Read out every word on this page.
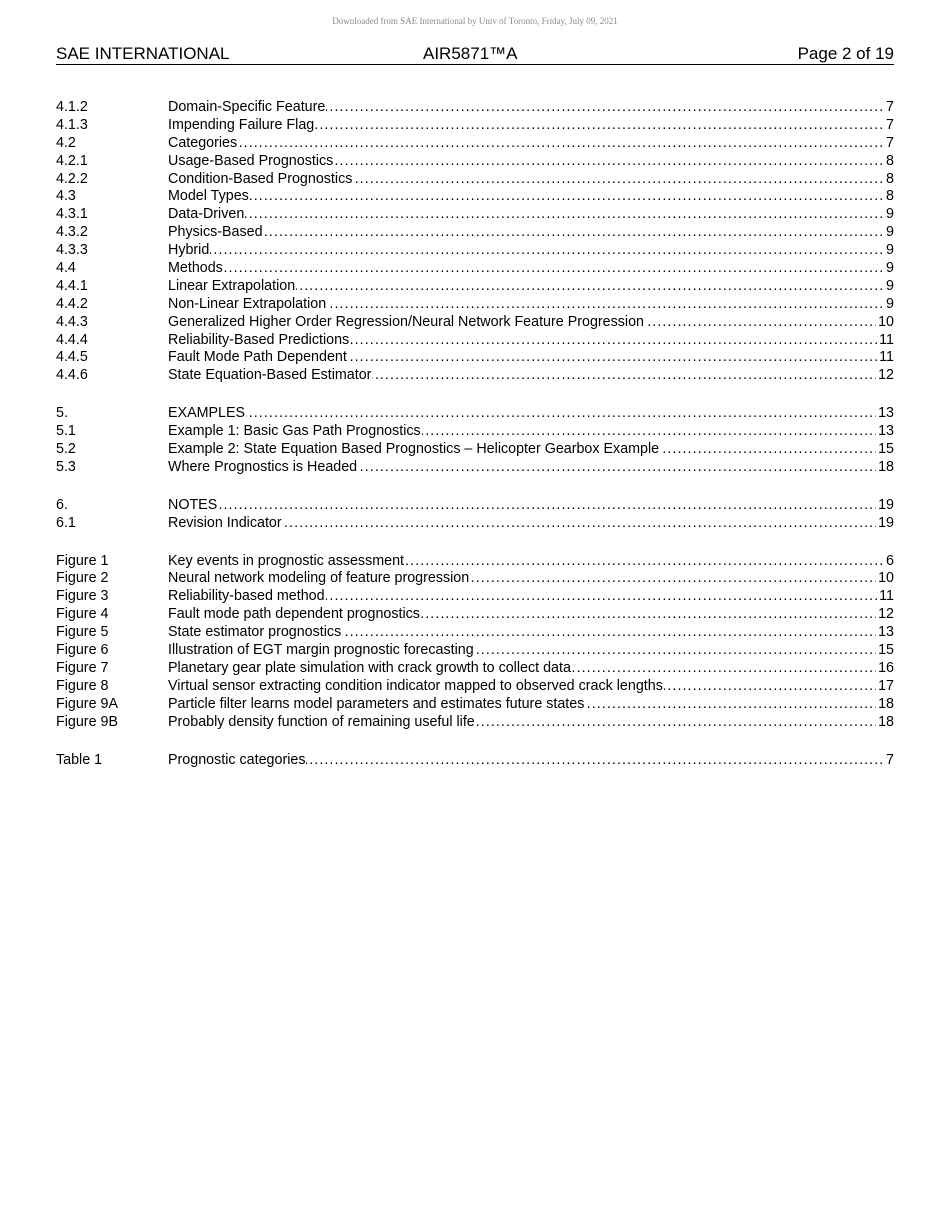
Downloaded from SAE International by Univ of Toronto, Friday, July 09, 2021
SAE INTERNATIONAL	AIR5871™A	Page 2 of 19
4.1.2	Domain-Specific Feature	7
. . .
4.1.3	Impending Failure Flag	7
. . .
4.2	Categories	7
. . .
4.2.1	Usage-Based Prognostics	8
. . .
4.2.2	Condition-Based Prognostics	8
. . .
4.3	Model Types	8
. . .
4.3.1	Data-Driven	9
. . .
4.3.2	Physics-Based	9
. . .
4.3.3	Hybrid	9
. . .
4.4	Methods	9
. . .
4.4.1	Linear Extrapolation	9
. . .
4.4.2	Non-Linear Extrapolation	9
. . .
4.4.3	Generalized Higher Order Regression/Neural Network Feature Progression	10
. . .
4.4.4	Reliability-Based Predictions	11
. . .
4.4.5	Fault Mode Path Dependent	11
. . .
4.4.6	State Equation-Based Estimator	12
. . .
5.	EXAMPLES	13
. . .
5.1	Example 1: Basic Gas Path Prognostics	13
. . .
5.2	Example 2: State Equation Based Prognostics – Helicopter Gearbox Example	15
. . .
5.3	Where Prognostics is Headed	18
. . .
6.	NOTES	19
. . .
6.1	Revision Indicator	19
. . .
Figure 1	Key events in prognostic assessment	6
. . .
Figure 2	Neural network modeling of feature progression	10
. . .
Figure 3	Reliability-based method	11
. . .
Figure 4	Fault mode path dependent prognostics	12
. . .
Figure 5	State estimator prognostics	13
. . .
Figure 6	Illustration of EGT margin prognostic forecasting	15
. . .
Figure 7	Planetary gear plate simulation with crack growth to collect data	16
. . .
Figure 8	Virtual sensor extracting condition indicator mapped to observed crack lengths	17
. . .
Figure 9A	Particle filter learns model parameters and estimates future states	18
. . .
Figure 9B	Probably density function of remaining useful life	18
. . .
Table 1	Prognostic categories	7
. . .
